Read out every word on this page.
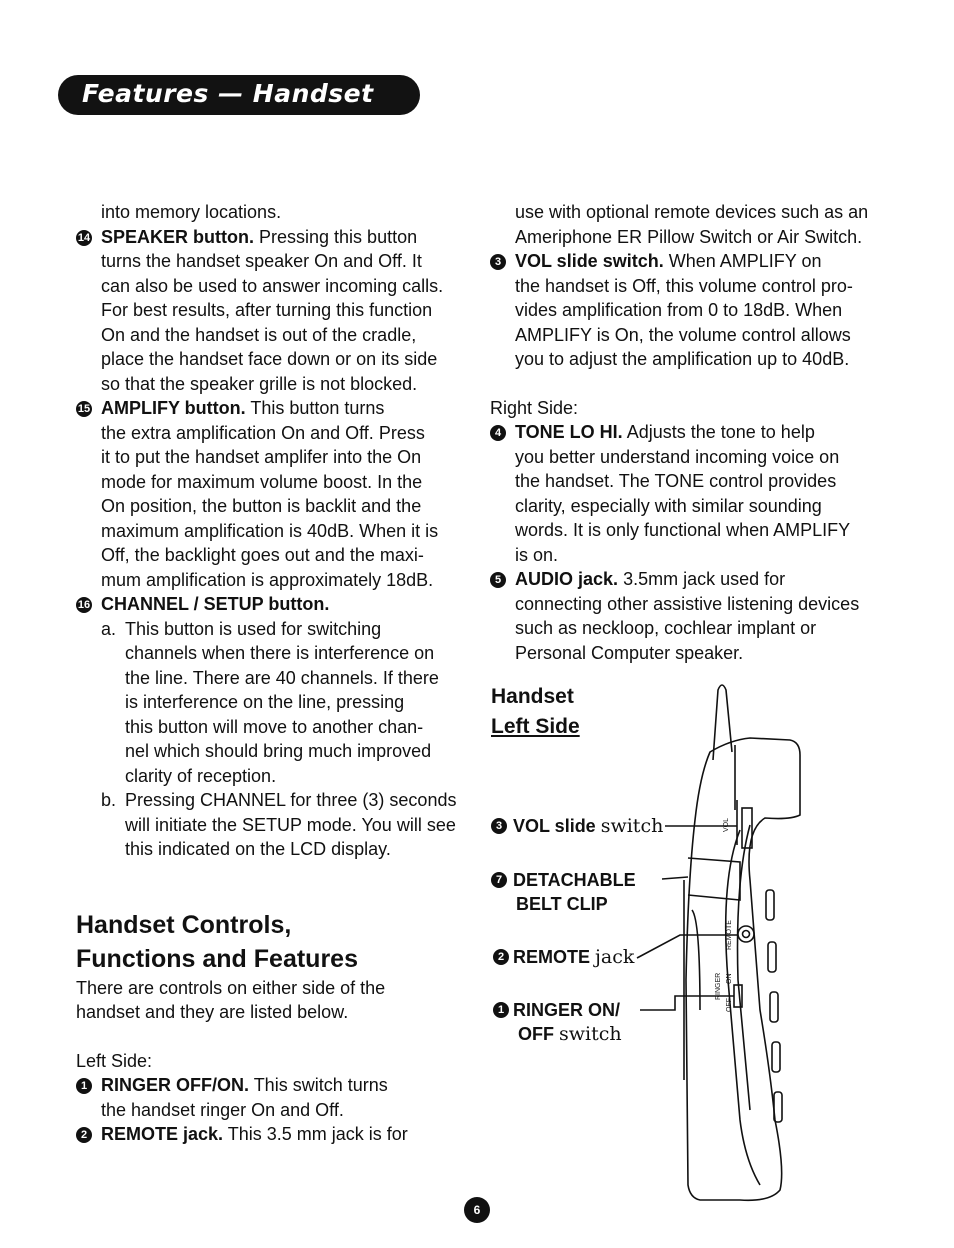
Features — Handset
into memory locations.
14 SPEAKER button. Pressing this button
turns the handset speaker On and Off. It
can also be used to answer incoming calls.
For best results, after turning this function
On and the handset is out of the cradle,
place the handset face down or on its side
so that the speaker grille is not blocked.
15 AMPLIFY button. This button turns
the extra amplification On and Off. Press
it to put the handset amplifer into the On
mode for maximum volume boost. In the
On position, the button is backlit and the
maximum amplification is 40dB. When it is
Off, the backlight goes out and the maxi-
mum amplification is approximately 18dB.
16 CHANNEL / SETUP button.
a. This button is used for switching
channels when there is interference on
the line. There are 40 channels. If there
is interference on the line, pressing
this button will move to another chan-
nel which should bring much improved
clarity of reception.
b. Pressing CHANNEL for three (3) seconds
will initiate the SETUP mode. You will see
this indicated on the LCD display.
Handset Controls,
Functions and Features
There are controls on either side of the
handset and they are listed below.
Left Side:
1 RINGER OFF/ON. This switch turns
the handset ringer On and Off.
2 REMOTE jack. This 3.5 mm jack is for
use with optional remote devices such as an
Ameriphone ER Pillow Switch or Air Switch.
3 VOL slide switch. When AMPLIFY on
the handset is Off, this volume control pro-
vides amplification from 0 to 18dB. When
AMPLIFY is On, the volume control allows
you to adjust the amplification up to 40dB.
Right Side:
4 TONE LO HI. Adjusts the tone to help
you better understand incoming voice on
the handset. The TONE control provides
clarity, especially with similar sounding
words. It is only functional when AMPLIFY
is on.
5 AUDIO jack. 3.5mm jack used for
connecting other assistive listening devices
such as neckloop, cochlear implant or
Personal Computer speaker.
Handset
Left Side
VOL
REMOTE
RINGER
OFF
ON
3 VOL slide switch
7 DETACHABLE
BELT CLIP
2 REMOTE jack
1 RINGER ON/
OFF switch
6
